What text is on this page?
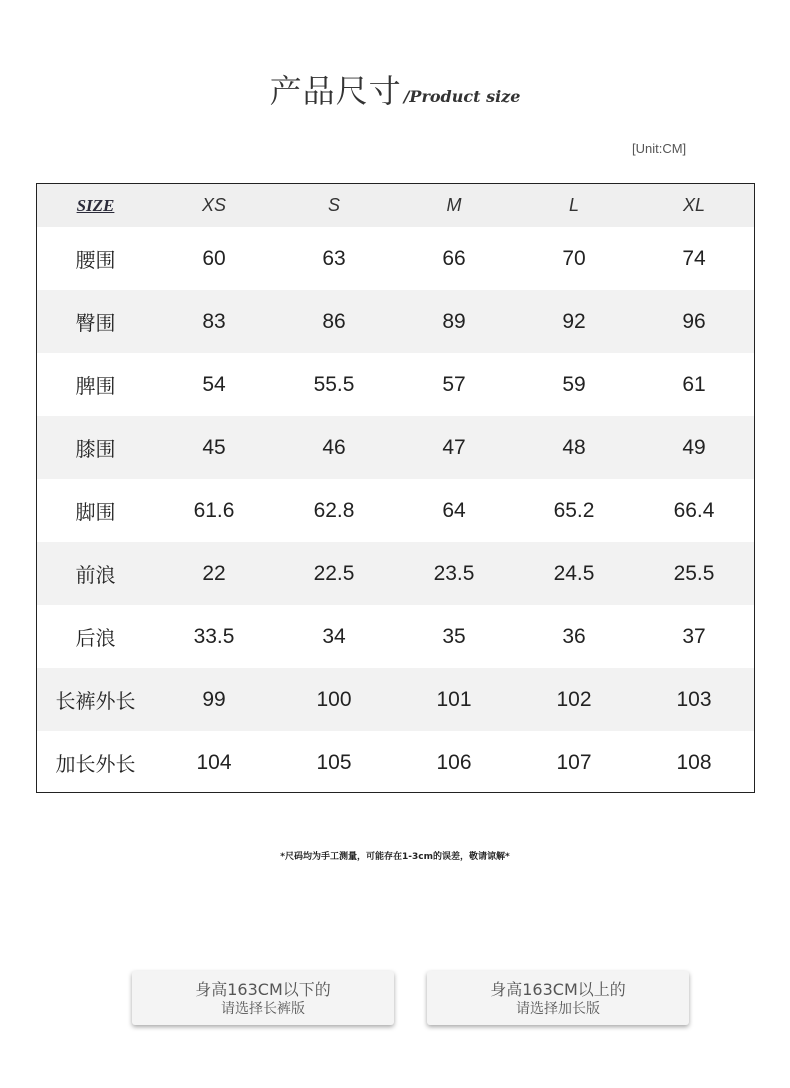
产品尺寸 /Product size
[Unit:CM]
SIZE	XS	S	M	L	XL
腰围	60	63	66	70	74
臀围	83	86	89	92	96
脾围	54	55.5	57	59	61
膝围	45	46	47	48	49
脚围	61.6	62.8	64	65.2	66.4
前浪	22	22.5	23.5	24.5	25.5
后浪	33.5	34	35	36	37
长裤外长	99	100	101	102	103
加长外长	104	105	106	107	108
*尺码均为手工测量，可能存在1-3cm的误差，敬请谅解*
身高163CM以下的
请选择长裤版
身高163CM以上的
请选择加长版
